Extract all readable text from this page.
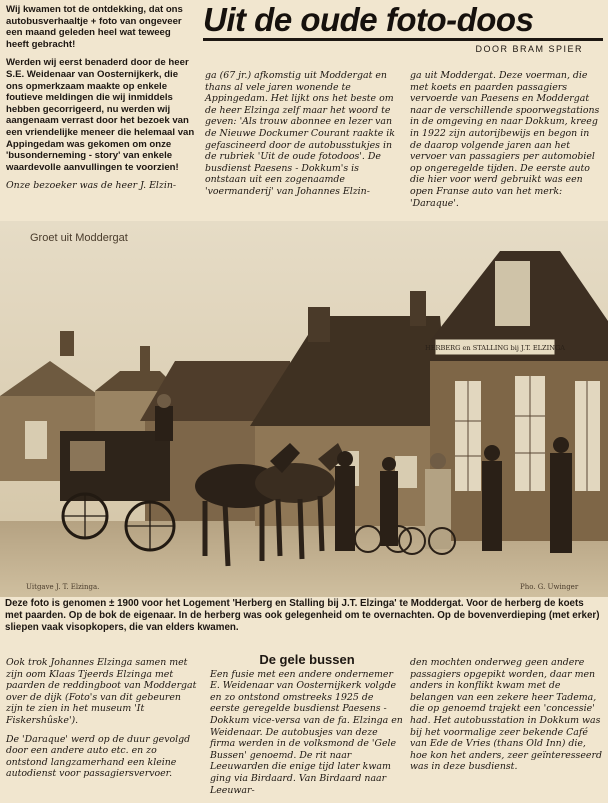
Wij kwamen tot de ontdekking, dat ons autobusverhaaltje + foto van ongeveer een maand geleden heel wat teweeg heeft gebracht!

Werden wij eerst benaderd door de heer S.E. Weidenaar van Oosternijkerk, die ons opmerkzaam maakte op enkele foutieve meldingen die wij inmiddels hebben gecorrigeerd, nu werden wij aangenaam verrast door het bezoek van een vriendelijke meneer die helemaal van Appingedam was gekomen om onze 'busonderneming - story' van enkele waardevolle aanvullingen te voorzien!

Onze bezoeker was de heer J. Elzin-

Uit de oude foto-doos
DOOR BRAM SPIER

ga (67 jr.) afkomstig uit Moddergat en thans al vele jaren wonende te Appingedam. Het lijkt ons het beste om de heer Elzinga zelf maar het woord te geven: 'Als trouw abonnee en lezer van de Nieuwe Dockumer Courant raakte ik gefascineerd door de autobusstukjes in de rubriek 'Uit de oude fotodoos'. De busdienst Paesens - Dokkum's is ontstaan uit een zogenaamde 'voermanderij' van Johannes Elzin-

ga uit Moddergat. Deze voerman, die met koets en paarden passagiers vervoerde van Paesens en Moddergat naar de verschillende spoorwegstations in de omgeving en naar Dokkum, kreeg in 1922 zijn autorijbewijs en begon in de daarop volgende jaren aan het vervoer van passagiers per automobiel op ongeregelde tijden. De eerste auto die hier voor werd gebruikt was een open Franse auto van het merk: 'Daraque'.

HERBERG en STALLING bij J.T. ELZINGA
Groet uit Moddergat
Uitgave J. T. Elzinga.	Pho. G. Uwinger
Deze foto is genomen ± 1900 voor het Logement 'Herberg en Stalling bij J.T. Elzinga' te Moddergat. Voor de herberg de koets met paarden. Op de bok de eigenaar. In de herberg was ook gelegenheid om te overnachten. Op de bovenverdieping (met erker) sliepen vaak visopkopers, die van elders kwamen.

Ook trok Johannes Elzinga samen met zijn oom Klaas Tjeerds Elzinga met paarden de reddingboot van Moddergat over de dijk (Foto's van dit gebeuren zijn te zien in het museum 'It Fiskershûske').

De 'Daraque' werd op de duur gevolgd door een andere auto etc. en zo ontstond langzamerhand een kleine autodienst voor passagiersvervoer.

De gele bussen

Een fusie met een andere ondernemer E. Weidenaar van Oosternijkerk volgde en zo ontstond omstreeks 1925 de eerste geregelde busdienst Paesens - Dokkum vice-versa van de fa. Elzinga en Weidenaar. De autobusjes van deze firma werden in de volksmond de 'Gele Bussen' genoemd. De rit naar Leeuwarden die enige tijd later kwam ging via Birdaard. Van Birdaard naar Leeuwar-

den mochten onderweg geen andere passagiers opgepikt worden, daar men anders in konflikt kwam met de belangen van een zekere heer Tadema, die op genoemd trajekt een 'concessie' had. Het autobusstation in Dokkum was bij het voormalige zeer bekende Café van Ede de Vries (thans Old Inn) die, hoe kon het anders, zeer geïnteresseerd was in deze busdienst.
